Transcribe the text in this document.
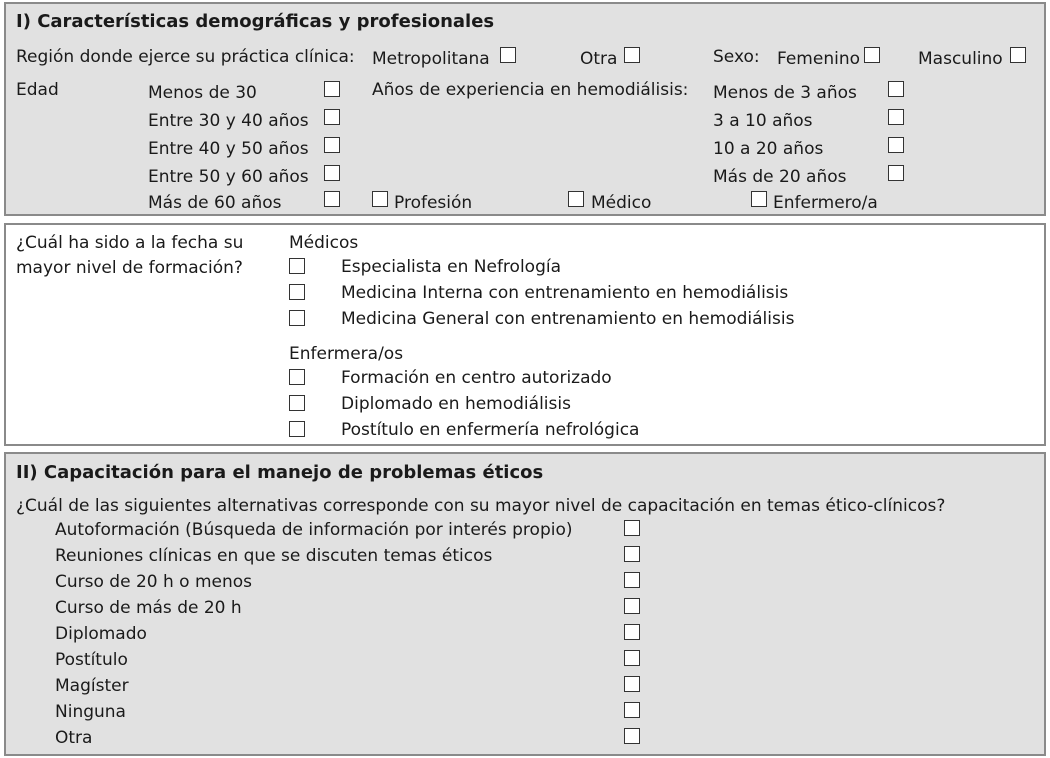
I) Características demográficas y profesionales
Región donde ejerce su práctica clínica: Metropolitana	Otra	Sexo: Femenino	Masculino
Edad	Menos de 30
Entre 30 y 40 años
Entre 40 y 50 años
Entre 50 y 60 años
Más de 60 años
Años de experiencia en hemodiálisis: Menos de 3 años
3 a 10 años
10 a 20 años
Más de 20 años
Profesión	Médico	Enfermero/a
¿Cuál ha sido a la fecha su
mayor nivel de formación?
Médicos
Especialista en Nefrología
Medicina Interna con entrenamiento en hemodiálisis
Medicina General con entrenamiento en hemodiálisis
Enfermera/os
Formación en centro autorizado
Diplomado en hemodiálisis
Postítulo en enfermería nefrológica
II) Capacitación para el manejo de problemas éticos
¿Cuál de las siguientes alternativas corresponde con su mayor nivel de capacitación en temas ético-clínicos?
Autoformación (Búsqueda de información por interés propio)
Reuniones clínicas en que se discuten temas éticos
Curso de 20 h o menos
Curso de más de 20 h
Diplomado
Postítulo
Magíster
Ninguna
Otra
